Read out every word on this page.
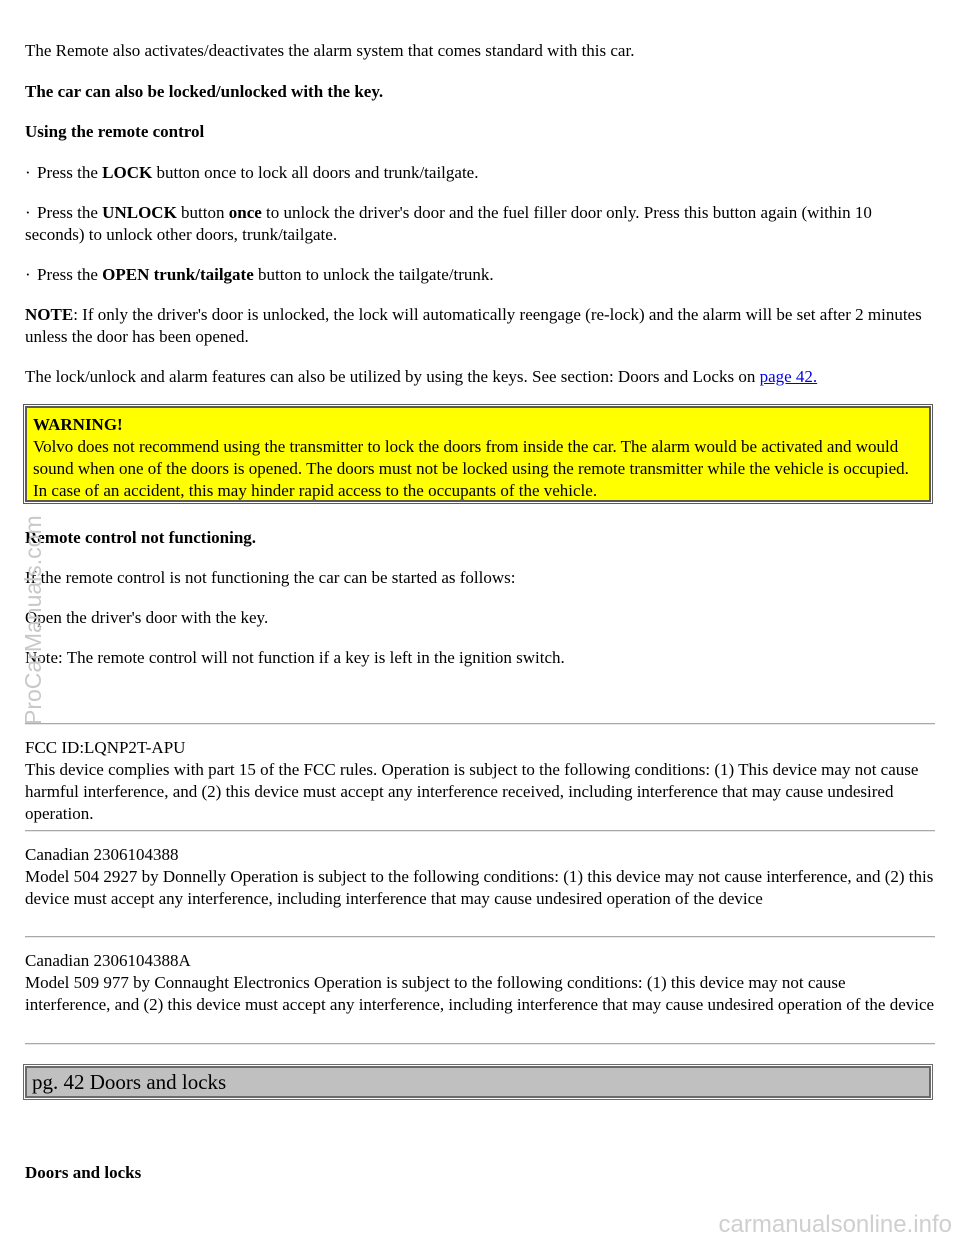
The Remote also activates/deactivates the alarm system that comes standard with this car.

The car can also be locked/unlocked with the key.

Using the remote control

· Press the LOCK button once to lock all doors and trunk/tailgate.

· Press the UNLOCK button once to unlock the driver's door and the fuel filler door only. Press this button again (within 10 seconds) to unlock other doors, trunk/tailgate.

· Press the OPEN trunk/tailgate button to unlock the tailgate/trunk.

NOTE: If only the driver's door is unlocked, the lock will automatically reengage (re-lock) and the alarm will be set after 2 minutes unless the door has been opened.

The lock/unlock and alarm features can also be utilized by using the keys. See section: Doors and Locks on page 42.

WARNING!
Volvo does not recommend using the transmitter to lock the doors from inside the car. The alarm would be activated and would sound when one of the doors is opened. The doors must not be locked using the remote transmitter while the vehicle is occupied. In case of an accident, this may hinder rapid access to the occupants of the vehicle.

Remote control not functioning.

If the remote control is not functioning the car can be started as follows:

Open the driver's door with the key.

Note: The remote control will not function if a key is left in the ignition switch.

FCC ID:LQNP2T-APU
This device complies with part 15 of the FCC rules. Operation is subject to the following conditions: (1) This device may not cause harmful interference, and (2) this device must accept any interference received, including interference that may cause undesired operation.

Canadian 2306104388
Model 504 2927 by Donnelly Operation is subject to the following conditions: (1) this device may not cause interference, and (2) this device must accept any interference, including interference that may cause undesired operation of the device

Canadian 2306104388A
Model 509 977 by Connaught Electronics Operation is subject to the following conditions: (1) this device may not cause interference, and (2) this device must accept any interference, including interference that may cause undesired operation of the device

pg. 42 Doors and locks

Doors and locks

ProCarManuals.com
carmanualsonline.info
